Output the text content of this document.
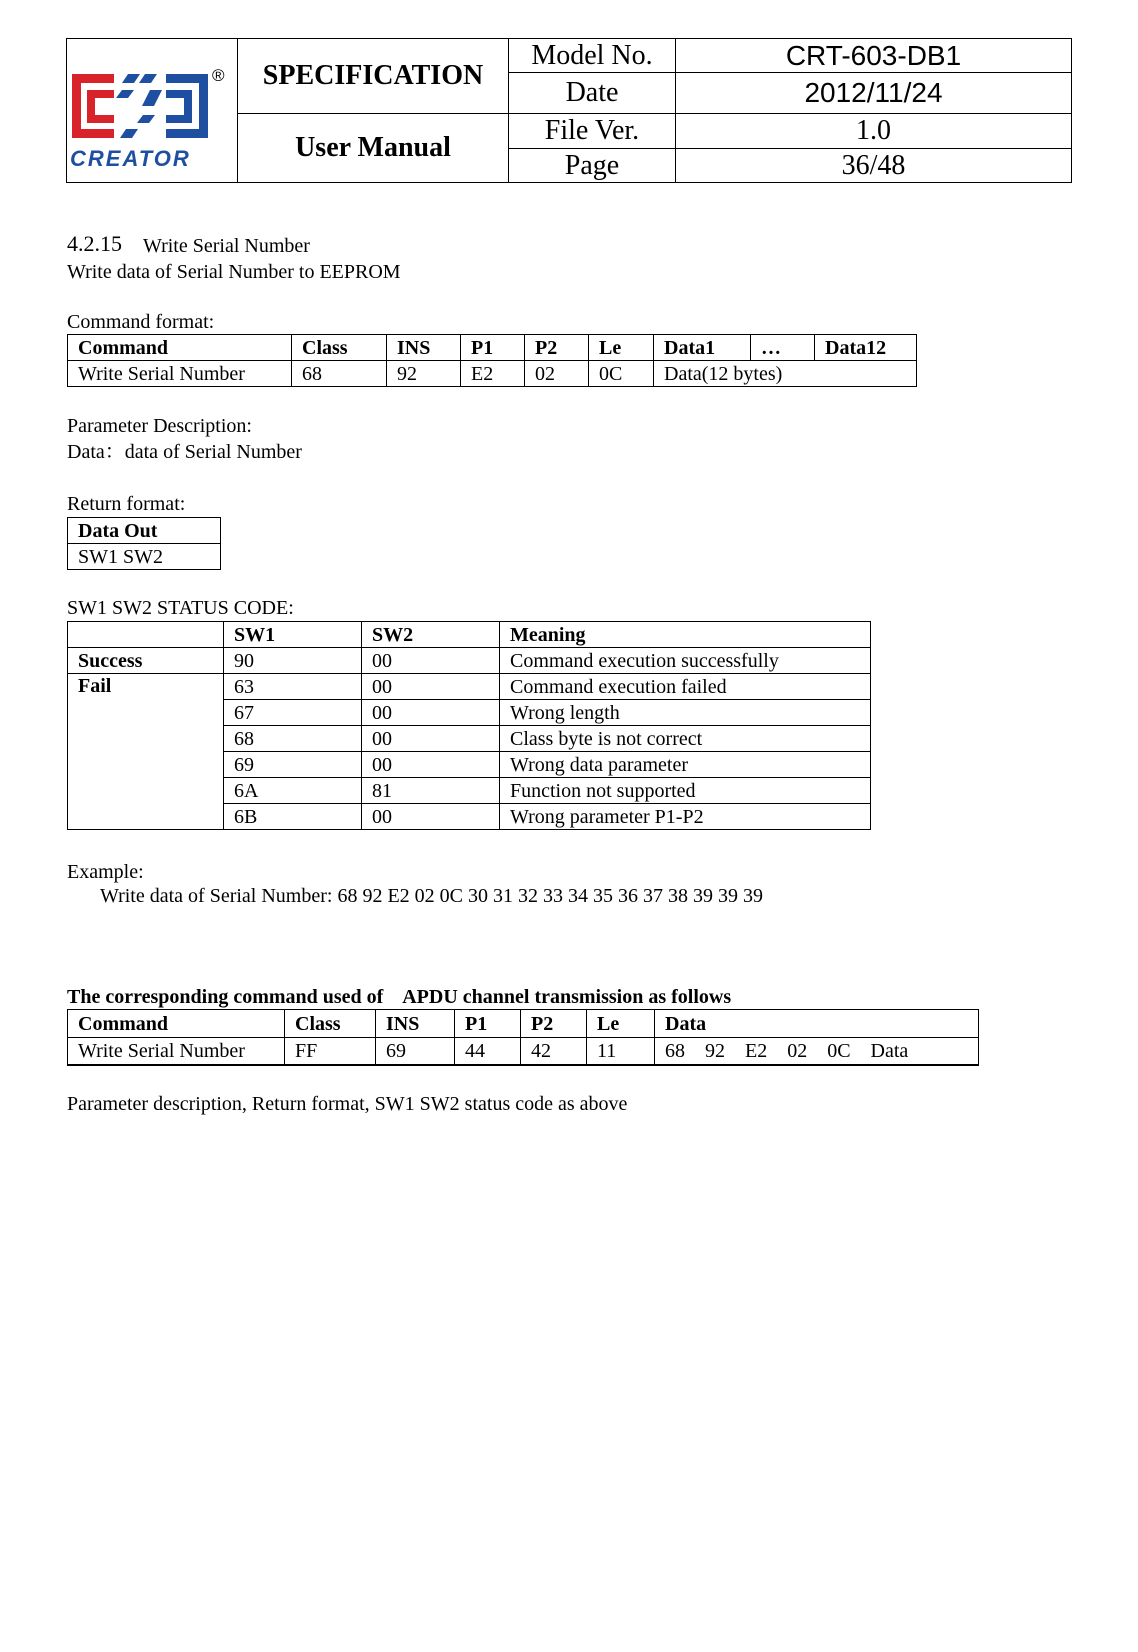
	SPECIFICATION	Model No.	CRT-603-DB1
		Date	2012/11/24
	User Manual	File Ver.	1.0
		Page	36/48
CREATOR
®
4.2.15 Write Serial Number
Write data of Serial Number to EEPROM
Command format:
Command	Class	INS	P1	P2	Le	Data1	…	Data12
Write Serial Number	68	92	E2	02	0C	Data(12 bytes)		
Parameter Description:
Data：data of Serial Number
Return format:
Data Out
SW1 SW2
SW1 SW2 STATUS CODE:
	SW1	SW2	Meaning
Success	90	00	Command execution successfully
Fail	63	00	Command execution failed
	67	00	Wrong length
	68	00	Class byte is not correct
	69	00	Wrong data parameter
	6A	81	Function not supported
	6B	00	Wrong parameter P1-P2
Example:
Write data of Serial Number: 68 92 E2 02 0C 30 31 32 33 34 35 36 37 38 39 39 39
The corresponding command used of    APDU channel transmission as follows
Command	Class	INS	P1	P2	Le	Data
Write Serial Number	FF	69	44	42	11	68    92    E2    02    0C    Data
Parameter description, Return format, SW1 SW2 status code as above
